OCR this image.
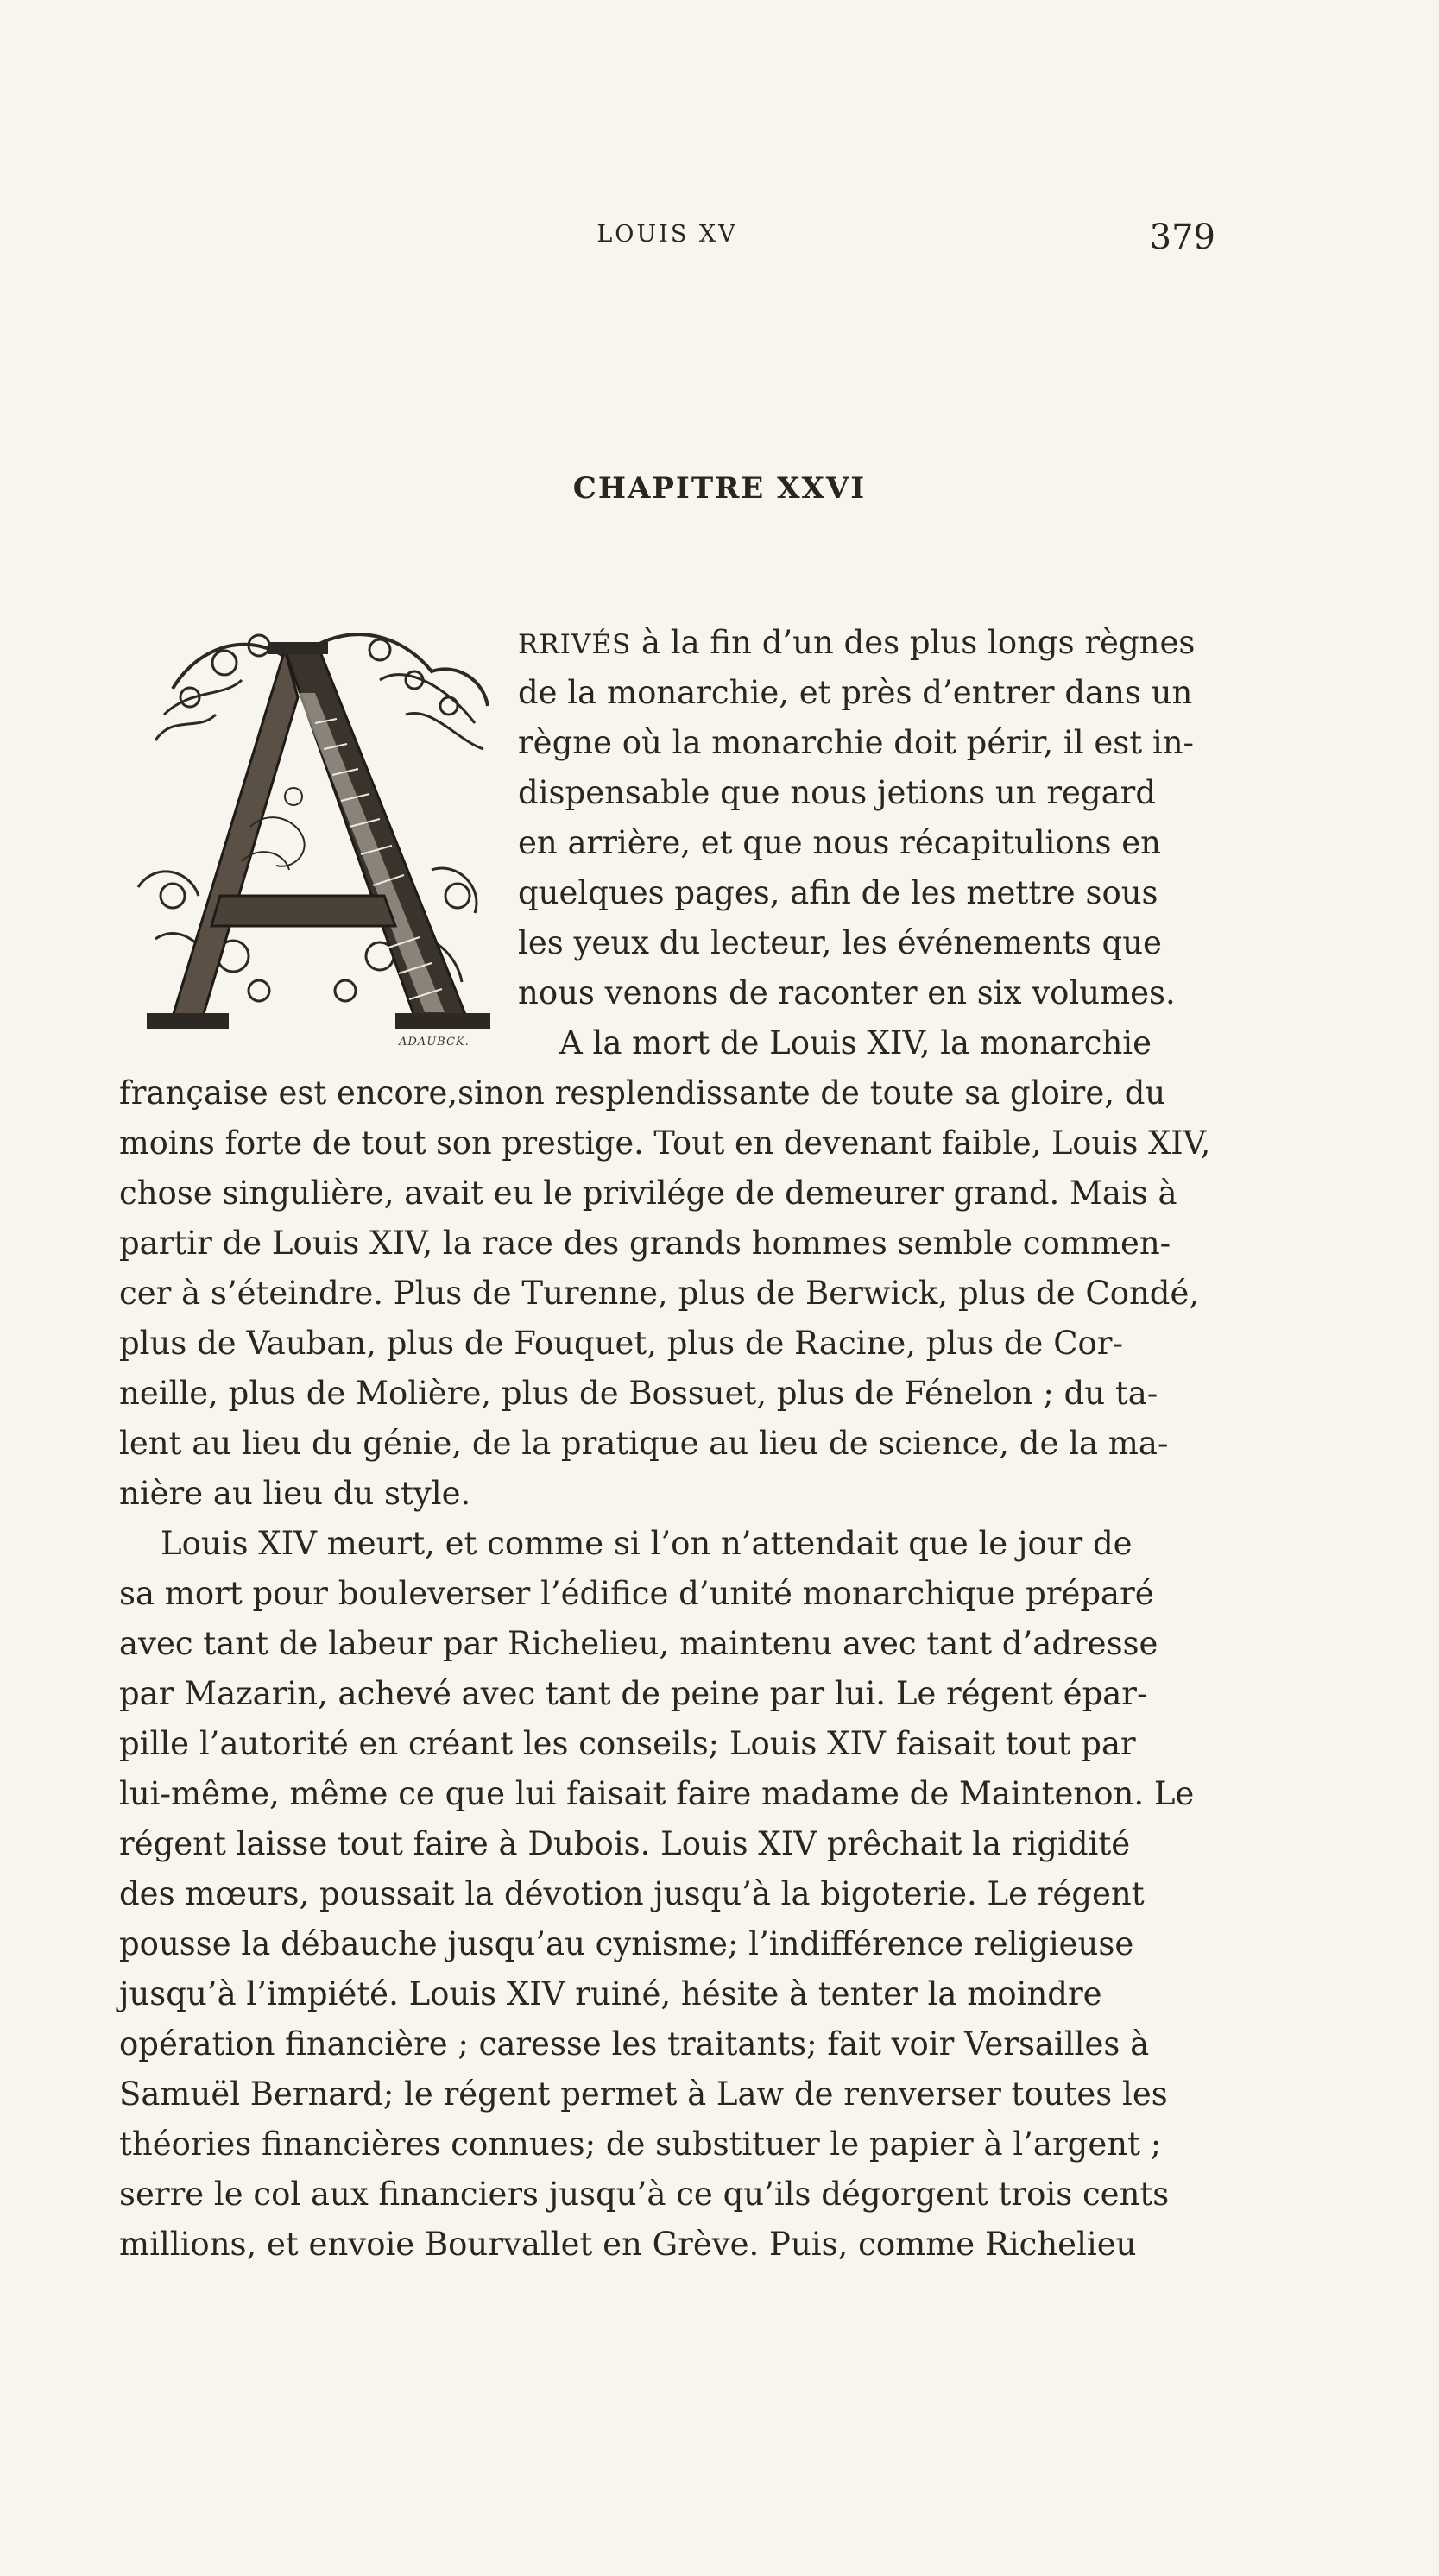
LOUIS XV	379
CHAPITRE XXVI
ADAUBCK.
RRIVÉS à la fin d’un des plus longs règnes
de la monarchie, et près d’entrer dans un
règne où la monarchie doit périr, il est in-
dispensable que nous jetions un regard
en arrière, et que nous récapitulions en
quelques pages, afin de les mettre sous
les yeux du lecteur, les événements que
nous venons de raconter en six volumes.
A la mort de Louis XIV, la monarchie
française est encore,sinon resplendissante de toute sa gloire, du
moins forte de tout son prestige. Tout en devenant faible, Louis XIV,
chose singulière, avait eu le privilége de demeurer grand. Mais à
partir de Louis XIV, la race des grands hommes semble commen-
cer à s’éteindre. Plus de Turenne, plus de Berwick, plus de Condé,
plus de Vauban, plus de Fouquet, plus de Racine, plus de Cor-
neille, plus de Molière, plus de Bossuet, plus de Fénelon ; du ta-
lent au lieu du génie, de la pratique au lieu de science, de la ma-
nière au lieu du style.
Louis XIV meurt, et comme si l’on n’attendait que le jour de
sa mort pour bouleverser l’édifice d’unité monarchique préparé
avec tant de labeur par Richelieu, maintenu avec tant d’adresse
par Mazarin, achevé avec tant de peine par lui. Le régent épar-
pille l’autorité en créant les conseils; Louis XIV faisait tout par
lui-même, même ce que lui faisait faire madame de Maintenon. Le
régent laisse tout faire à Dubois. Louis XIV prêchait la rigidité
des mœurs, poussait la dévotion jusqu’à la bigoterie. Le régent
pousse la débauche jusqu’au cynisme; l’indifférence religieuse
jusqu’à l’impiété. Louis XIV ruiné, hésite à tenter la moindre
opération financière ; caresse les traitants; fait voir Versailles à
Samuël Bernard; le régent permet à Law de renverser toutes les
théories financières connues; de substituer le papier à l’argent ;
serre le col aux financiers jusqu’à ce qu’ils dégorgent trois cents
millions, et envoie Bourvallet en Grève. Puis, comme Richelieu
